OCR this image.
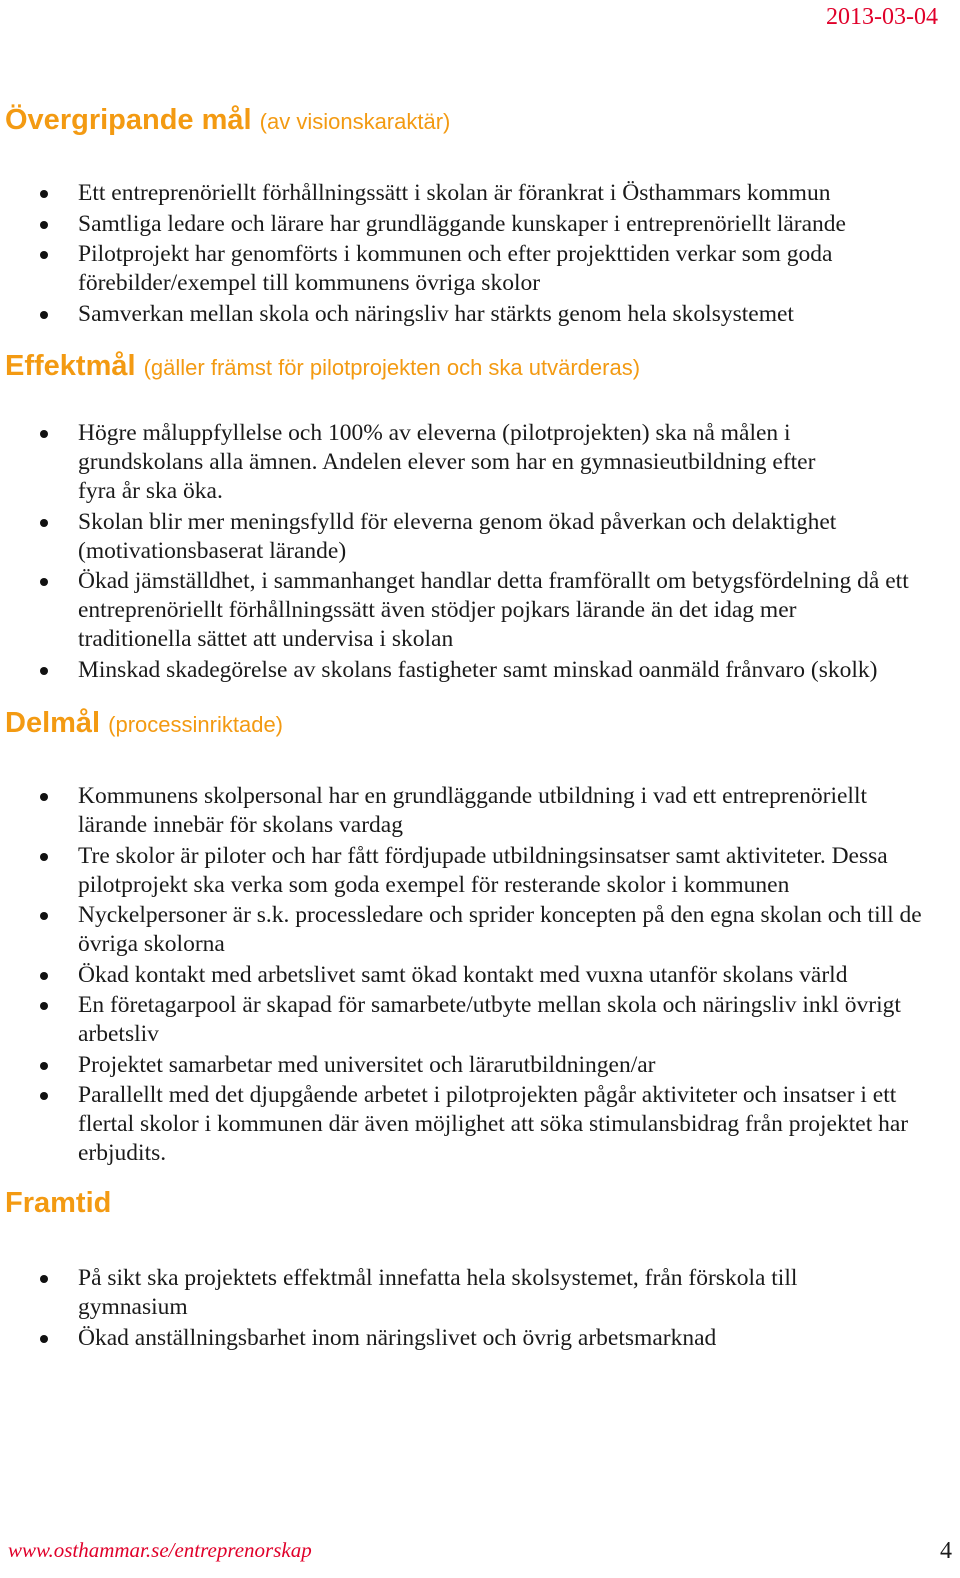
2013-03-04
Övergripande mål (av visionskaraktär)
Ett entreprenöriellt förhållningssätt i skolan är förankrat i Östhammars kommun
Samtliga ledare och lärare har grundläggande kunskaper i entreprenöriellt lärande
Pilotprojekt har genomförts i kommunen och efter projekttiden verkar som goda förebilder/exempel till kommunens övriga skolor
Samverkan mellan skola och näringsliv har stärkts genom hela skolsystemet
Effektmål (gäller främst för pilotprojekten och ska utvärderas)
Högre måluppfyllelse och 100% av eleverna (pilotprojekten) ska nå målen i grundskolans alla ämnen. Andelen elever som har en gymnasieutbildning efter fyra år ska öka.
Skolan blir mer meningsfylld för eleverna genom ökad påverkan och delaktighet (motivationsbaserat lärande)
Ökad jämställdhet, i sammanhanget handlar detta framförallt om betygsfördelning då ett entreprenöriellt förhållningssätt även stödjer pojkars lärande än det idag mer traditionella sättet att undervisa i skolan
Minskad skadegörelse av skolans fastigheter samt minskad oanmäld frånvaro (skolk)
Delmål (processinriktade)
Kommunens skolpersonal har en grundläggande utbildning i vad ett entreprenöriellt lärande innebär för skolans vardag
Tre skolor är piloter och har fått fördjupade utbildningsinsatser samt aktiviteter. Dessa pilotprojekt ska verka som goda exempel för resterande skolor i kommunen
Nyckelpersoner är s.k. processledare och sprider koncepten på den egna skolan och till de övriga skolorna
Ökad kontakt med arbetslivet samt ökad kontakt med vuxna utanför skolans värld
En företagarpool är skapad för samarbete/utbyte mellan skola och näringsliv inkl övrigt arbetsliv
Projektet samarbetar med universitet och lärarutbildningen/ar
Parallellt med det djupgående arbetet i pilotprojekten pågår aktiviteter och insatser i ett flertal skolor i kommunen där även möjlighet att söka stimulansbidrag från projektet har erbjudits.
Framtid
På sikt ska projektets effektmål innefatta hela skolsystemet, från förskola till gymnasium
Ökad anställningsbarhet inom näringslivet och övrig arbetsmarknad
www.osthammar.se/entreprenorskap	4
